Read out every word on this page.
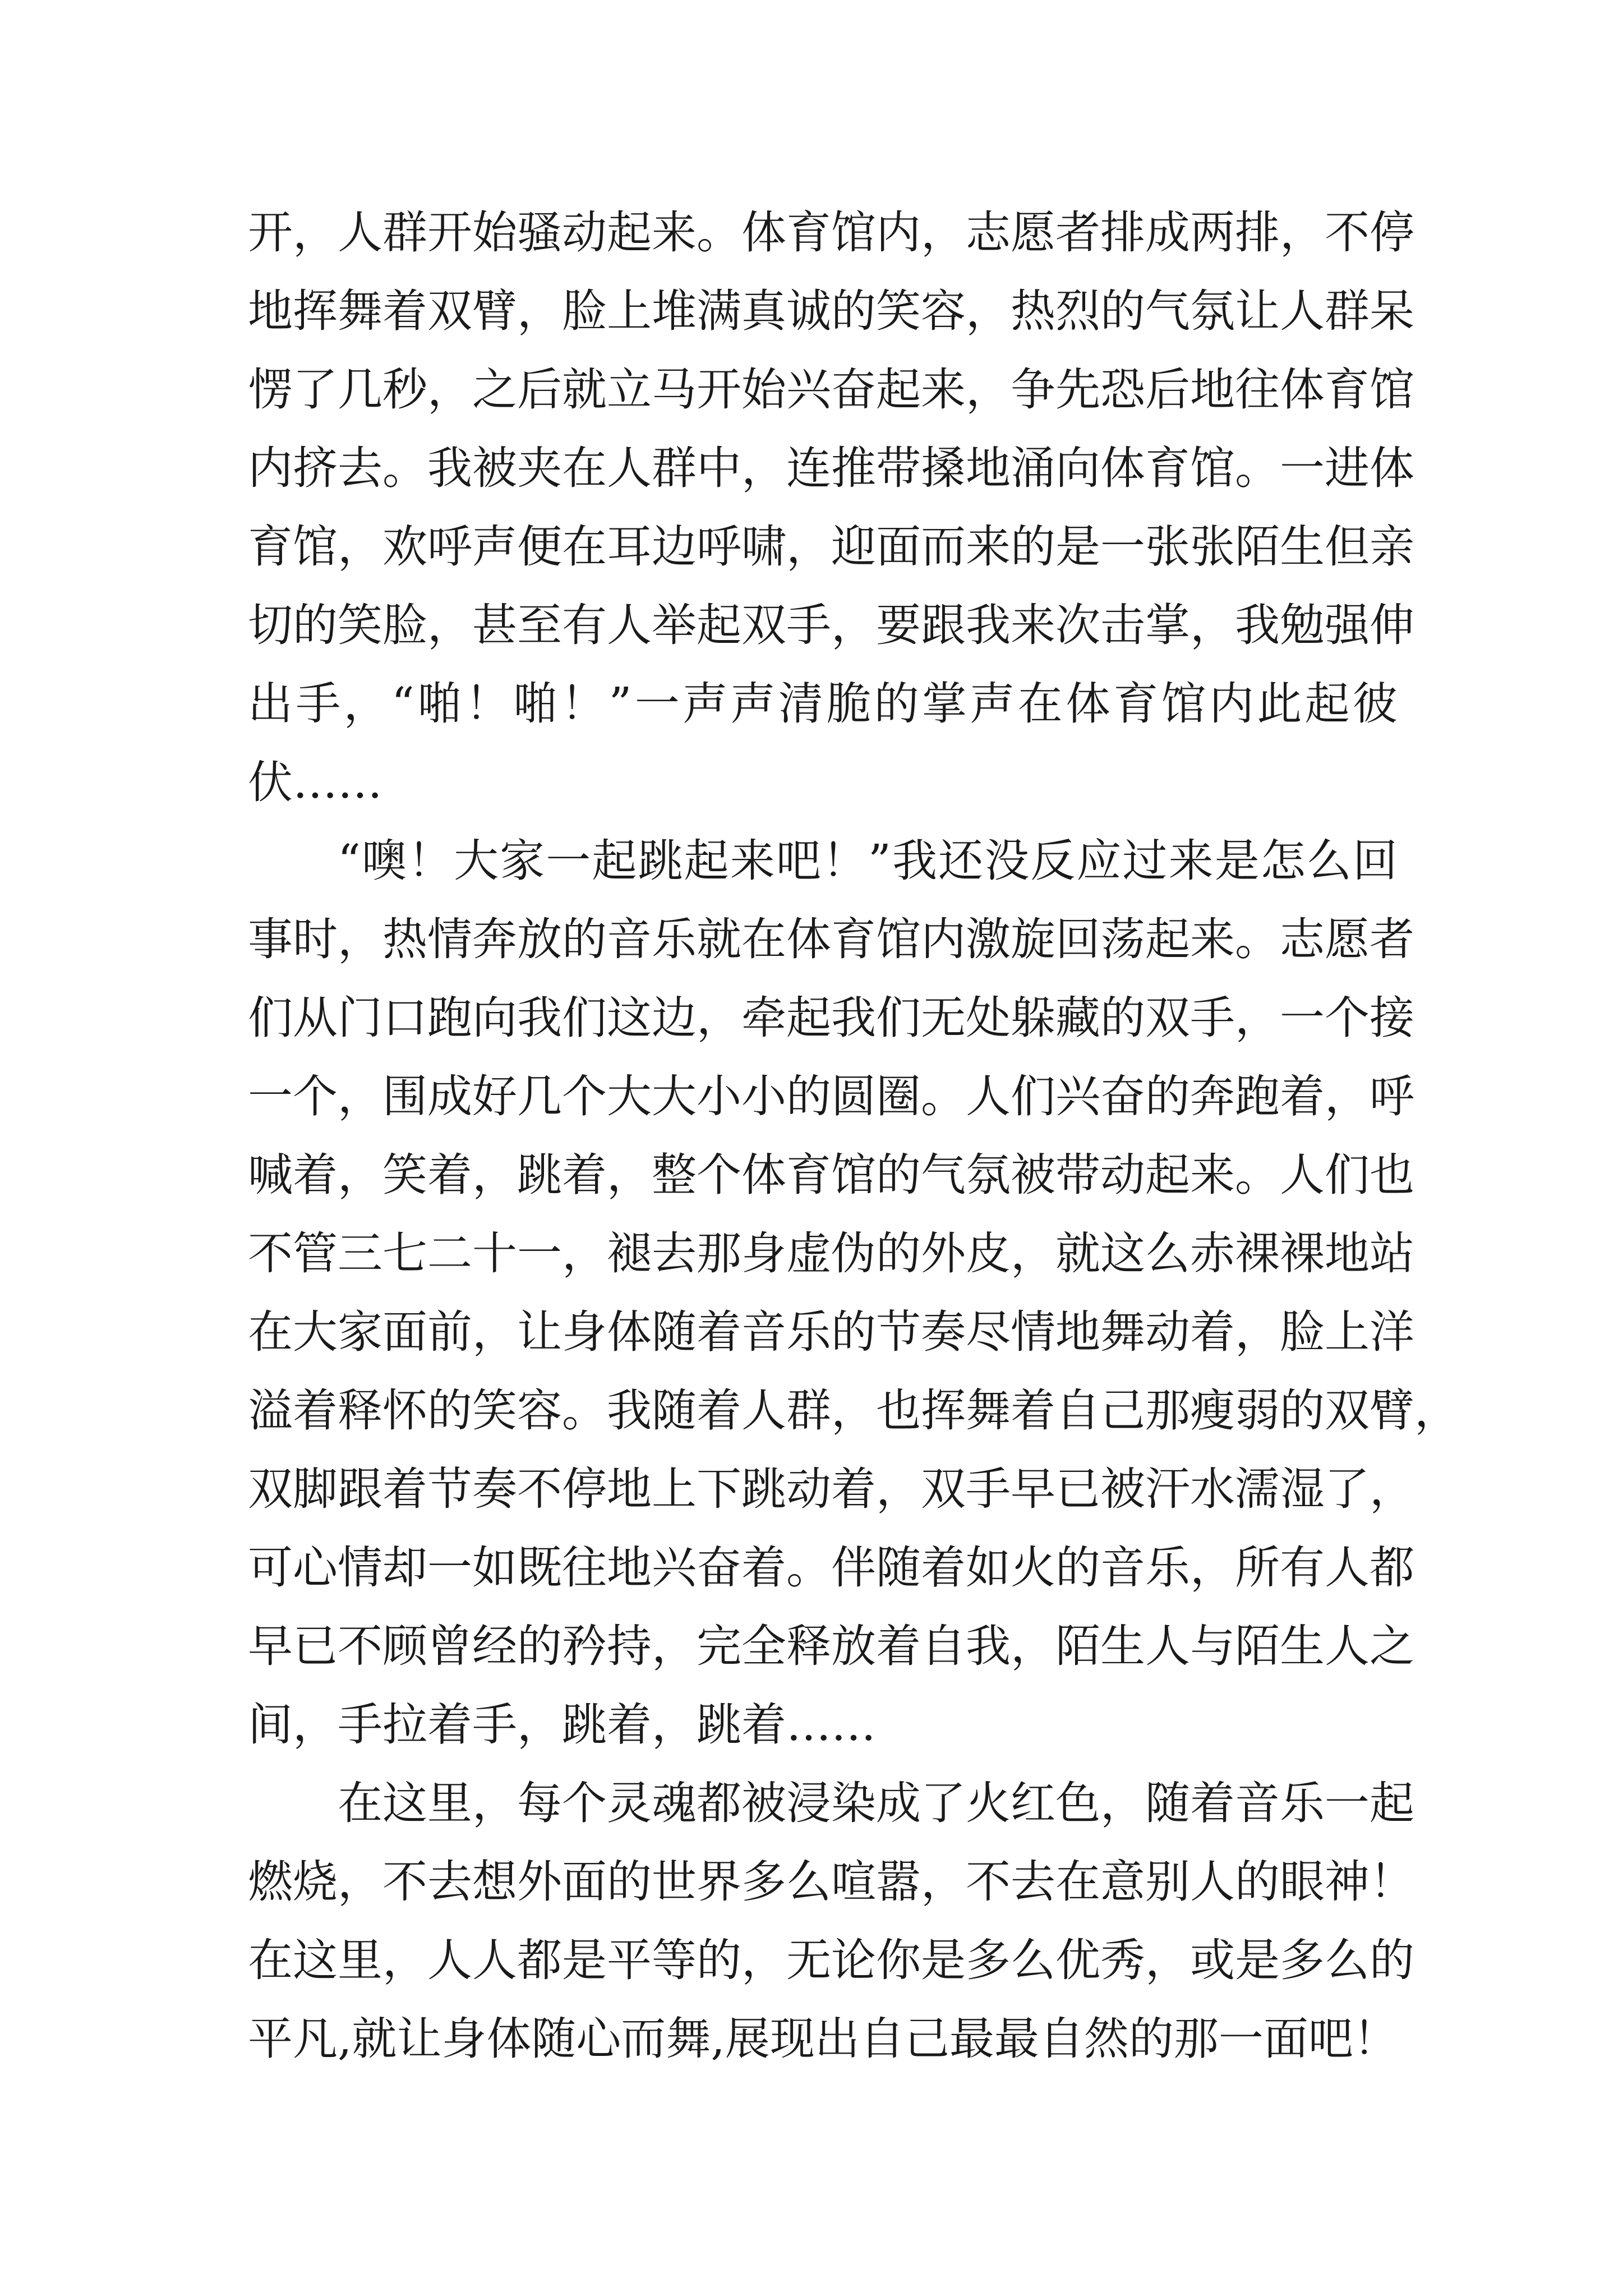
开，人群开始骚动起来。体育馆内，志愿者排成两排，不停
地挥舞着双臂，脸上堆满真诚的笑容，热烈的气氛让人群呆
愣了几秒，之后就立马开始兴奋起来，争先恐后地往体育馆
内挤去。我被夹在人群中，连推带搡地涌向体育馆。一进体
育馆，欢呼声便在耳边呼啸，迎面而来的是一张张陌生但亲
切的笑脸，甚至有人举起双手，要跟我来次击掌，我勉强伸
出手，“啪！啪！”一声声清脆的掌声在体育馆内此起彼
伏……
“噢！大家一起跳起来吧！”我还没反应过来是怎么回
事时，热情奔放的音乐就在体育馆内激旋回荡起来。志愿者
们从门口跑向我们这边，牵起我们无处躲藏的双手，一个接
一个，围成好几个大大小小的圆圈。人们兴奋的奔跑着，呼
喊着，笑着，跳着，整个体育馆的气氛被带动起来。人们也
不管三七二十一，褪去那身虚伪的外皮，就这么赤裸裸地站
在大家面前，让身体随着音乐的节奏尽情地舞动着，脸上洋
溢着释怀的笑容。我随着人群，也挥舞着自己那瘦弱的双臂，
双脚跟着节奏不停地上下跳动着，双手早已被汗水濡湿了，
可心情却一如既往地兴奋着。伴随着如火的音乐，所有人都
早已不顾曾经的矜持，完全释放着自我，陌生人与陌生人之
间，手拉着手，跳着，跳着……
在这里，每个灵魂都被浸染成了火红色，随着音乐一起
燃烧，不去想外面的世界多么喧嚣，不去在意别人的眼神！
在这里，人人都是平等的，无论你是多么优秀，或是多么的
平凡,就让身体随心而舞,展现出自己最最自然的那一面吧！
